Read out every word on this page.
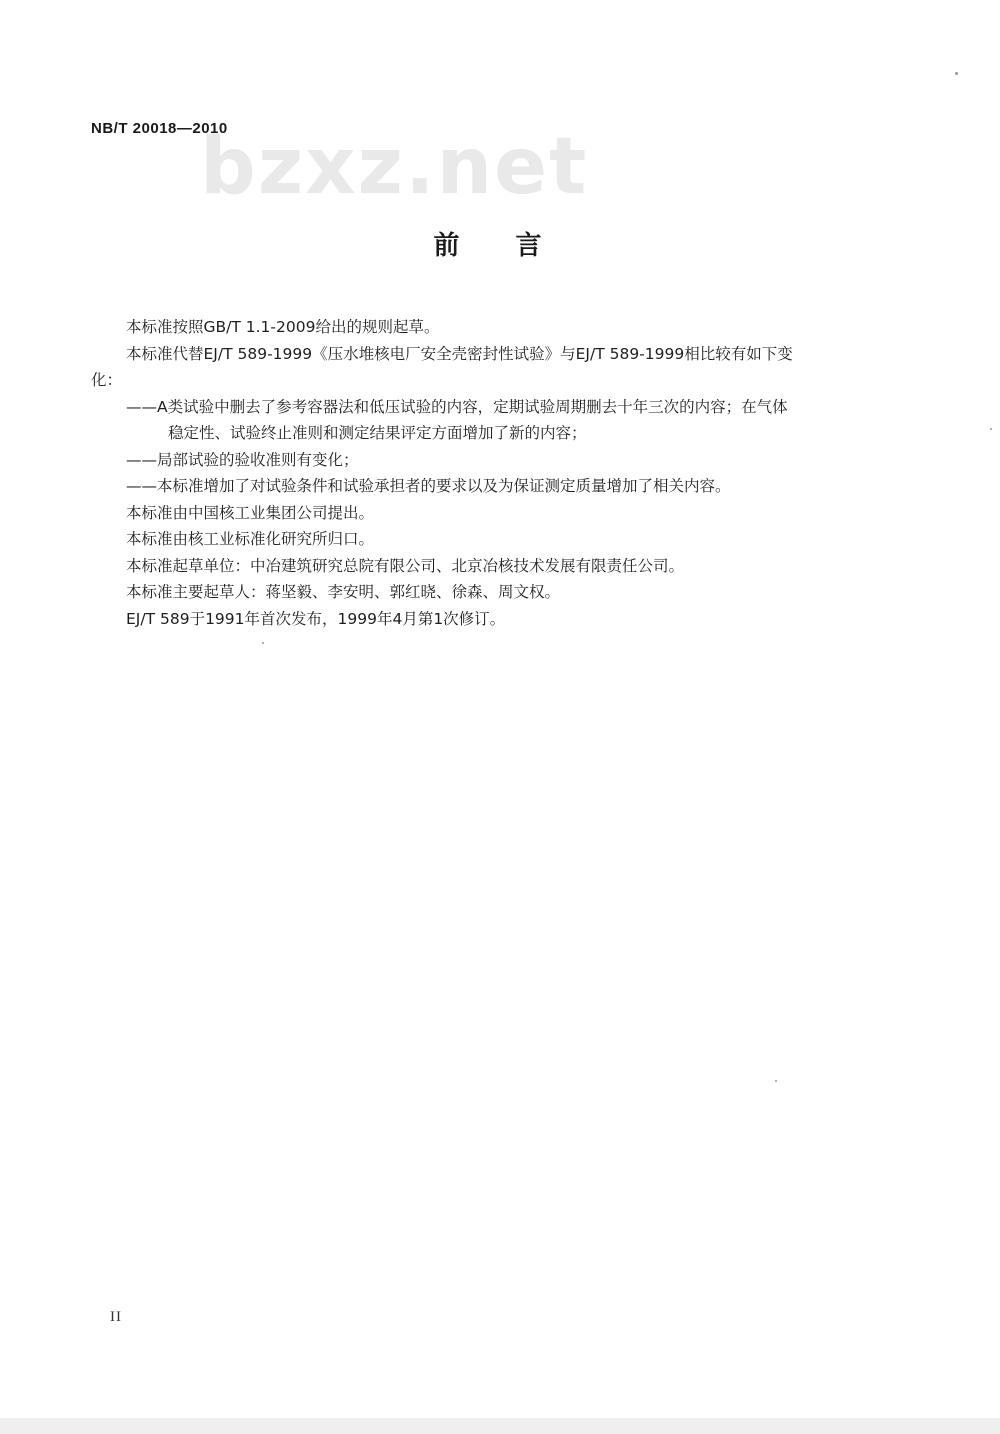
bzxz.net
NB/T 20018—2010
前言

本标准按照GB/T 1.1-2009给出的规则起草。

本标准代替EJ/T 589-1999《压水堆核电厂安全壳密封性试验》与EJ/T 589-1999相比较有如下变

化：

——A类试验中删去了参考容器法和低压试验的内容，定期试验周期删去十年三次的内容；在气体
稳定性、试验终止准则和测定结果评定方面增加了新的内容；

——局部试验的验收准则有变化；

——本标准增加了对试验条件和试验承担者的要求以及为保证测定质量增加了相关内容。

本标准由中国核工业集团公司提出。

本标准由核工业标准化研究所归口。

本标准起草单位：中冶建筑研究总院有限公司、北京冶核技术发展有限责任公司。

本标准主要起草人：蒋坚毅、李安明、郭红晓、徐森、周文权。

EJ/T 589于1991年首次发布，1999年4月第1次修订。

II
